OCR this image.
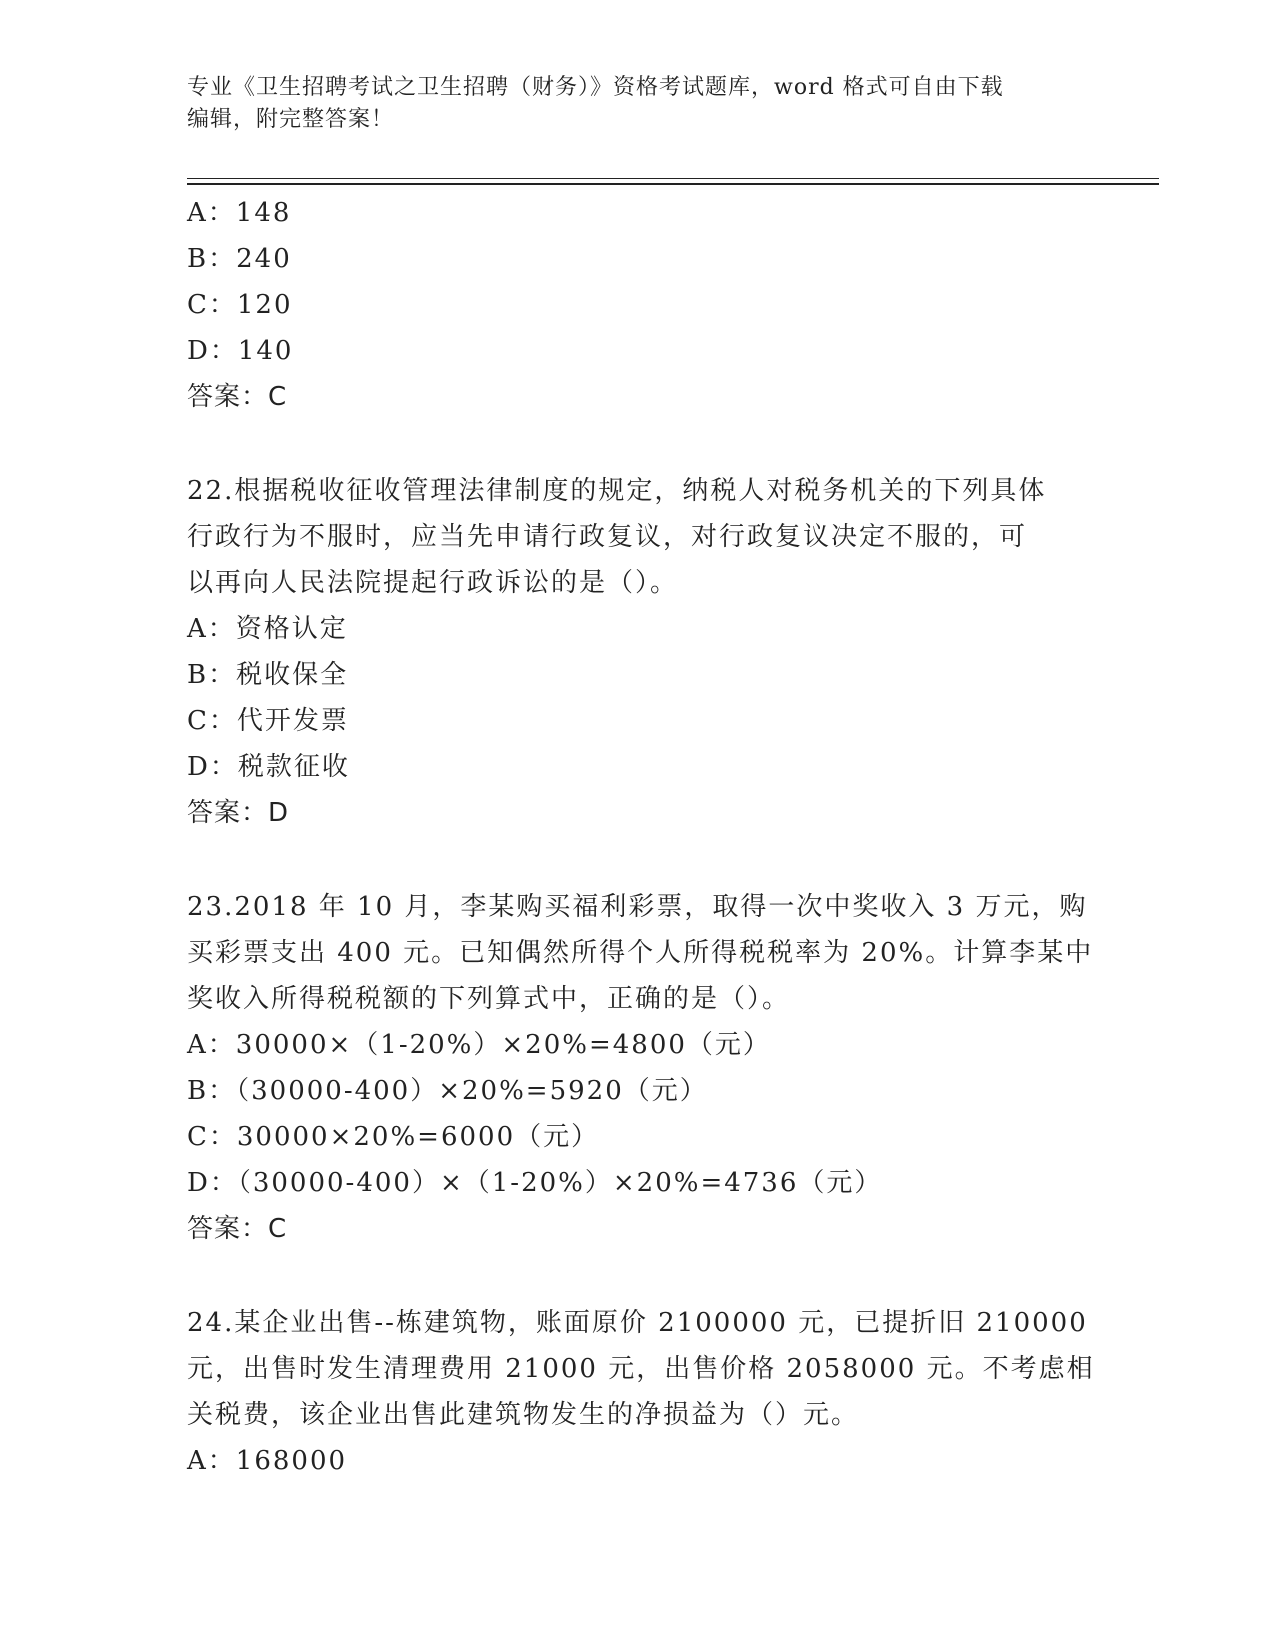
专业《卫生招聘考试之卫生招聘（财务）》资格考试题库，word 格式可自由下载
编辑，附完整答案！
A：148
B：240
C：120
D：140
答案：C
22.根据税收征收管理法律制度的规定，纳税人对税务机关的下列具体
行政行为不服时，应当先申请行政复议，对行政复议决定不服的，可
以再向人民法院提起行政诉讼的是（）。
A：资格认定
B：税收保全
C：代开发票
D：税款征收
答案：D
23.2018 年 10 月，李某购买福利彩票，取得一次中奖收入 3 万元，购
买彩票支出 400 元。已知偶然所得个人所得税税率为 20%。计算李某中
奖收入所得税税额的下列算式中，正确的是（）。
A：30000×（1-20%）×20%=4800（元）
B：（30000-400）×20%=5920（元）
C：30000×20%=6000（元）
D：（30000-400）×（1-20%）×20%=4736（元）
答案：C
24.某企业出售--栋建筑物，账面原价 2100000 元，已提折旧 210000
元，出售时发生清理费用 21000 元，出售价格 2058000 元。不考虑相
关税费，该企业出售此建筑物发生的净损益为（）元。
A：168000
